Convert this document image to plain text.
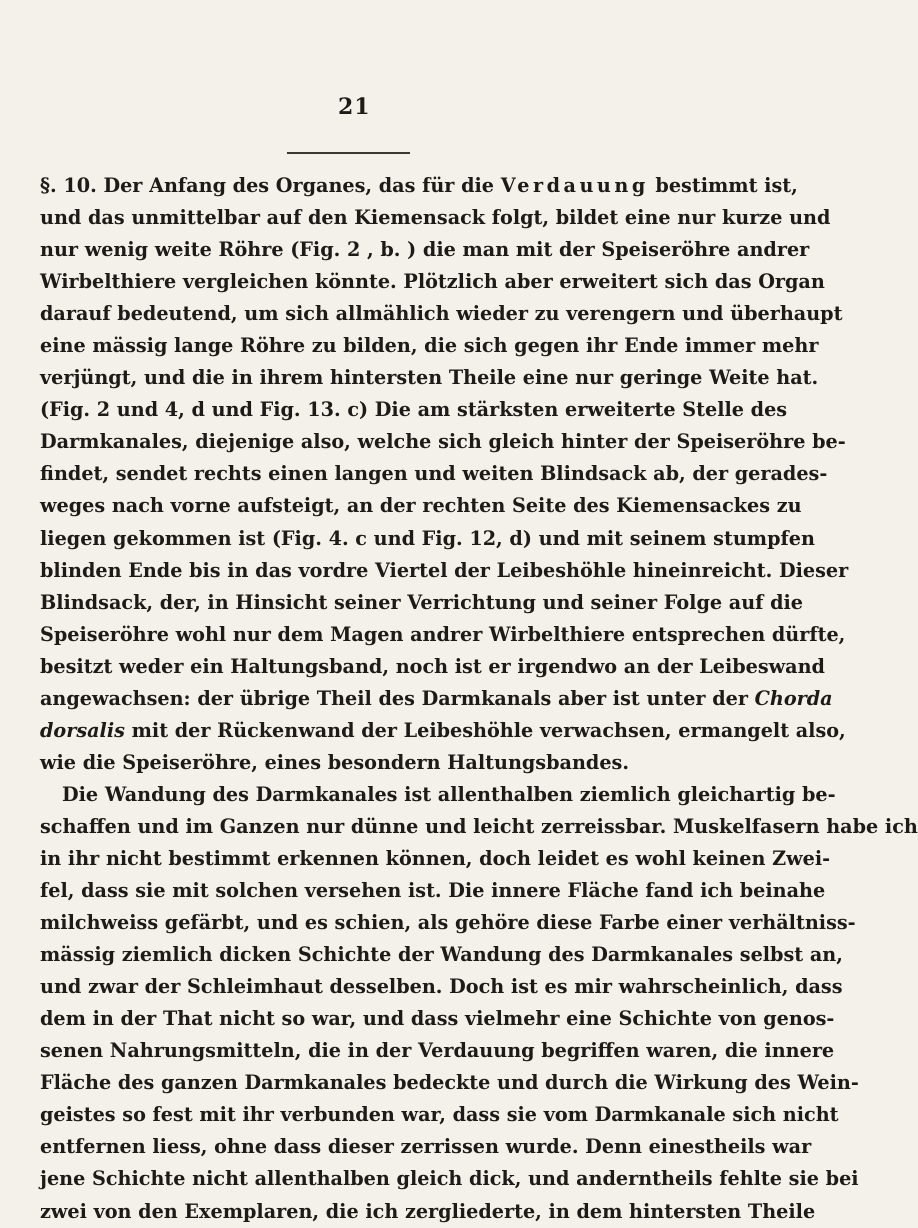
21
§. 10. Der Anfang des Organes, das für die Verdauung bestimmt ist,
und das unmittelbar auf den Kiemensack folgt, bildet eine nur kurze und
nur wenig weite Röhre (Fig. 2 , b. ) die man mit der Speiseröhre andrer
Wirbelthiere vergleichen könnte. Plötzlich aber erweitert sich das Organ
darauf bedeutend, um sich allmählich wieder zu verengern und überhaupt
eine mässig lange Röhre zu bilden, die sich gegen ihr Ende immer mehr
verjüngt, und die in ihrem hintersten Theile eine nur geringe Weite hat.
(Fig. 2 und 4, d und Fig. 13. c) Die am stärksten erweiterte Stelle des
Darmkanales, diejenige also, welche sich gleich hinter der Speiseröhre be-
findet, sendet rechts einen langen und weiten Blindsack ab, der gerades-
weges nach vorne aufsteigt, an der rechten Seite des Kiemensackes zu
liegen gekommen ist (Fig. 4. c und Fig. 12, d) und mit seinem stumpfen
blinden Ende bis in das vordre Viertel der Leibeshöhle hineinreicht. Dieser
Blindsack, der, in Hinsicht seiner Verrichtung und seiner Folge auf die
Speiseröhre wohl nur dem Magen andrer Wirbelthiere entsprechen dürfte,
besitzt weder ein Haltungsband, noch ist er irgendwo an der Leibeswand
angewachsen: der übrige Theil des Darmkanals aber ist unter der Chorda
dorsalis mit der Rückenwand der Leibeshöhle verwachsen, ermangelt also,
wie die Speiseröhre, eines besondern Haltungsbandes.
Die Wandung des Darmkanales ist allenthalben ziemlich gleichartig be-
schaffen und im Ganzen nur dünne und leicht zerreissbar. Muskelfasern habe ich
in ihr nicht bestimmt erkennen können, doch leidet es wohl keinen Zwei-
fel, dass sie mit solchen versehen ist. Die innere Fläche fand ich beinahe
milchweiss gefärbt, und es schien, als gehöre diese Farbe einer verhältniss-
mässig ziemlich dicken Schichte der Wandung des Darmkanales selbst an,
und zwar der Schleimhaut desselben. Doch ist es mir wahrscheinlich, dass
dem in der That nicht so war, und dass vielmehr eine Schichte von genos-
senen Nahrungsmitteln, die in der Verdauung begriffen waren, die innere
Fläche des ganzen Darmkanales bedeckte und durch die Wirkung des Wein-
geistes so fest mit ihr verbunden war, dass sie vom Darmkanale sich nicht
entfernen liess, ohne dass dieser zerrissen wurde. Denn einestheils war
jene Schichte nicht allenthalben gleich dick, und anderntheils fehlte sie bei
zwei von den Exemplaren, die ich zergliederte, in dem hintersten Theile
